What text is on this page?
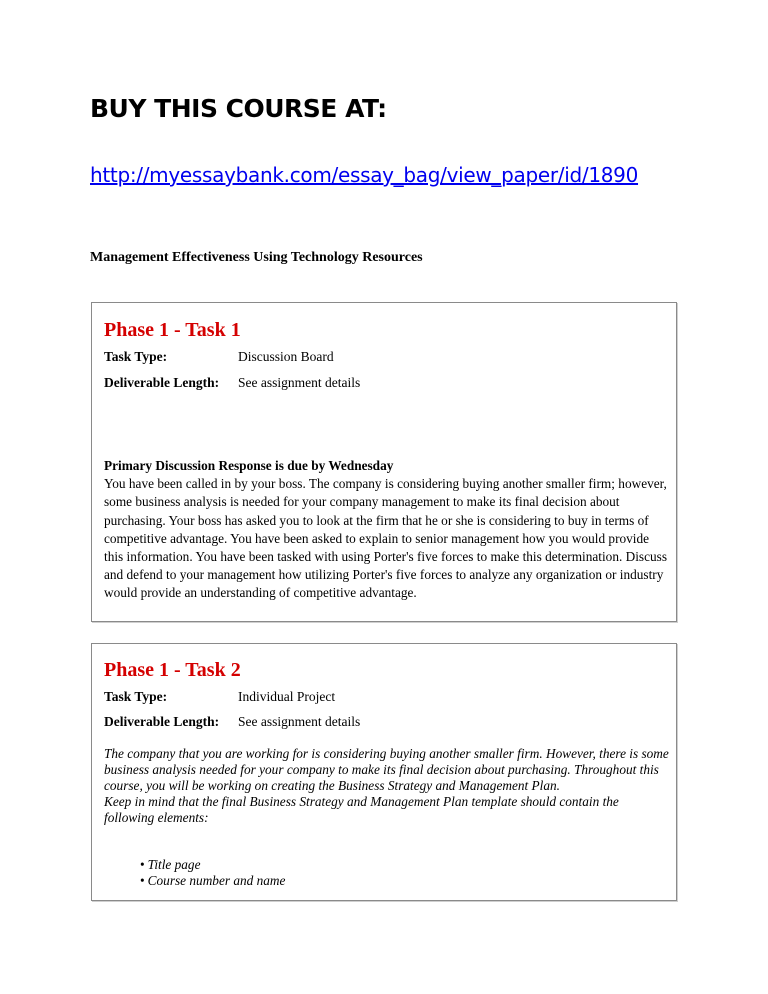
BUY THIS COURSE AT:
http://myessaybank.com/essay_bag/view_paper/id/1890
Management Effectiveness Using Technology Resources
Phase 1 - Task 1
Task Type:	Discussion Board
Deliverable Length: See assignment details
Primary Discussion Response is due by Wednesday
You have been called in by your boss. The company is considering buying another smaller firm; however, some business analysis is needed for your company management to make its final decision about purchasing. Your boss has asked you to look at the firm that he or she is considering to buy in terms of competitive advantage. You have been asked to explain to senior management how you would provide this information. You have been tasked with using Porter's five forces to make this determination. Discuss and defend to your management how utilizing Porter's five forces to analyze any organization or industry would provide an understanding of competitive advantage.
Phase 1 - Task 2
Task Type:	Individual Project
Deliverable Length: See assignment details
The company that you are working for is considering buying another smaller firm. However, there is some business analysis needed for your company to make its final decision about purchasing. Throughout this course, you will be working on creating the Business Strategy and Management Plan.
Keep in mind that the final Business Strategy and Management Plan template should contain the following elements:
• Title page
• Course number and name
